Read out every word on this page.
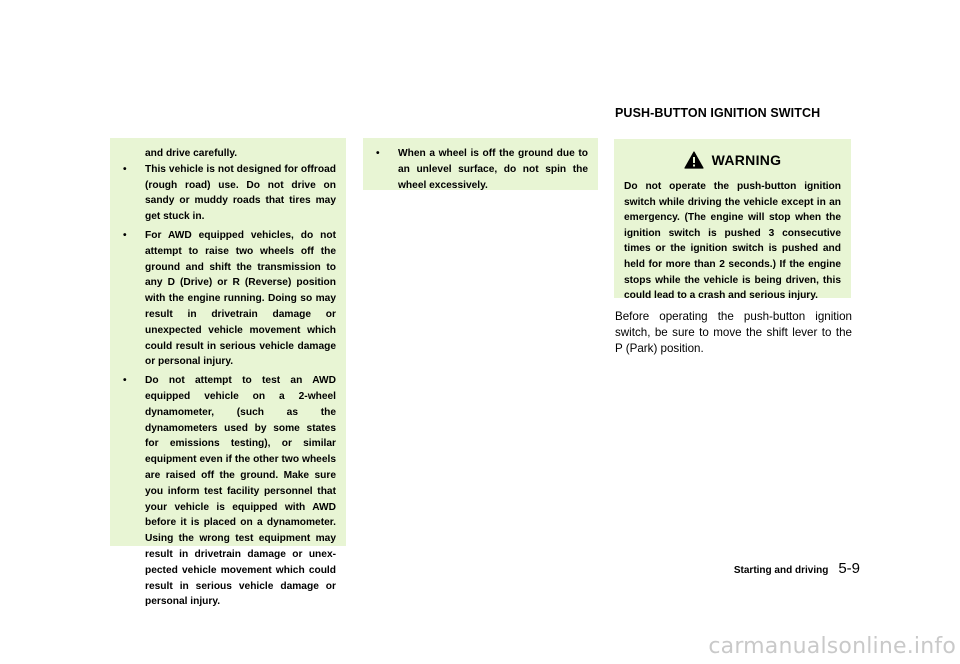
and drive carefully.

• This vehicle is not designed for offroad (rough road) use. Do not drive on sandy or muddy roads that tires may get stuck in.
• For AWD equipped vehicles, do not attempt to raise two wheels off the ground and shift the transmission to any D (Drive) or R (Reverse) position with the engine running. Doing so may result in drivetrain damage or unexpected vehicle movement which could result in serious vehicle damage or personal injury.
• Do not attempt to test an AWD equipped vehicle on a 2-wheel dynamometer, (such as the dynamometers used by some states for emissions testing), or similar equipment even if the other two wheels are raised off the ground. Make sure you inform test facility personnel that your vehicle is equipped with AWD before it is placed on a dynamometer. Using the wrong test equipment may result in drivetrain damage or unex-pected vehicle movement which could result in serious vehicle damage or personal injury.
• When a wheel is off the ground due to an unlevel surface, do not spin the wheel excessively.
PUSH-BUTTON IGNITION SWITCH
WARNING

Do not operate the push-button ignition switch while driving the vehicle except in an emergency. (The engine will stop when the ignition switch is pushed 3 consecutive times or the ignition switch is pushed and held for more than 2 seconds.) If the engine stops while the vehicle is being driven, this could lead to a crash and serious injury.

Before operating the push-button ignition switch, be sure to move the shift lever to the P (Park) position.

Starting and driving 5-9
carmanualsonline.info
